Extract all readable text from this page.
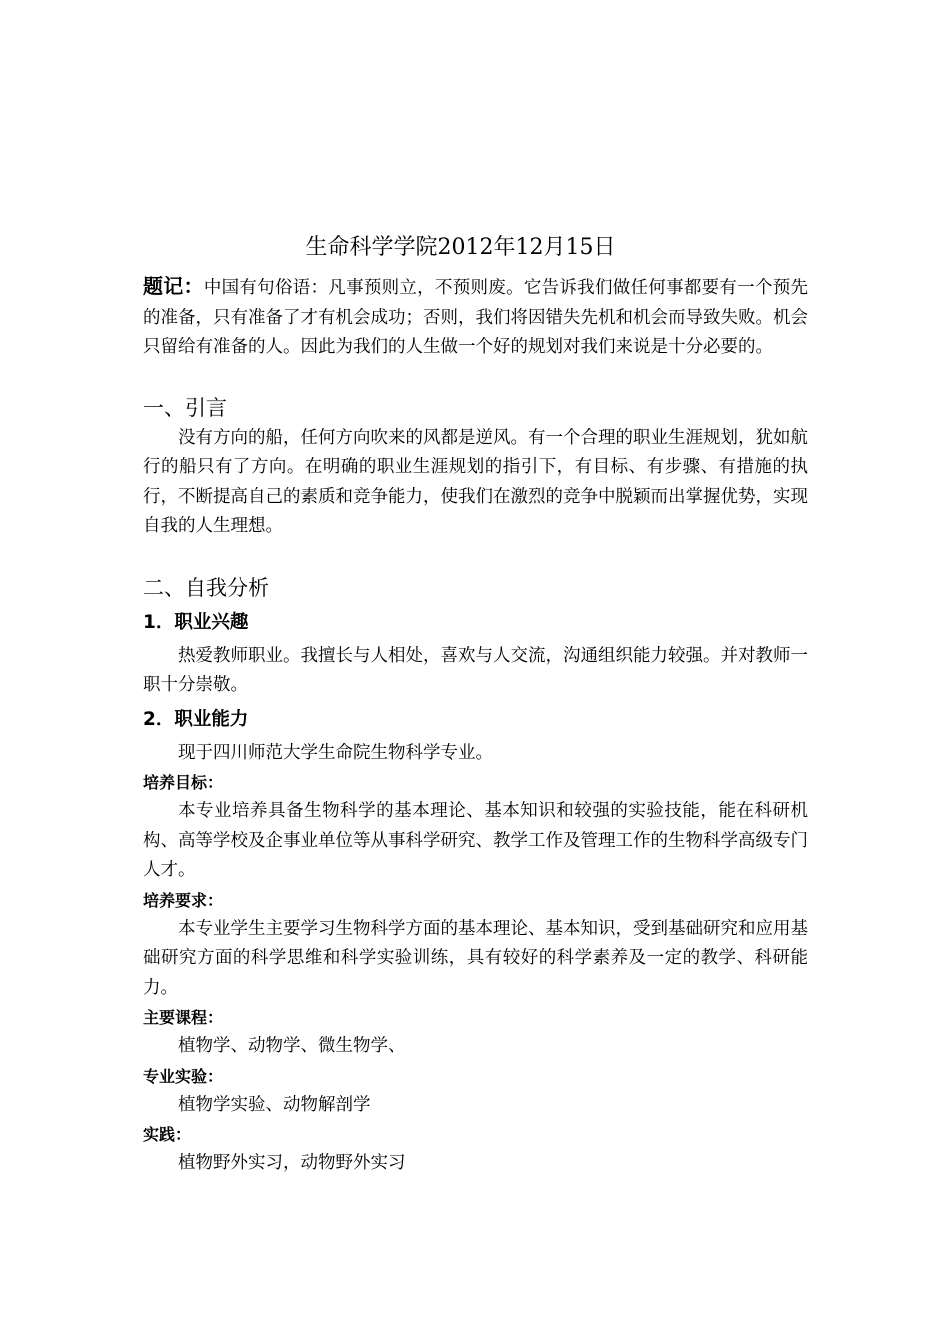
生命科学学院2012年12月15日

题记：中国有句俗语：凡事预则立，不预则废。它告诉我们做任何事都要有一个预先的准备，只有准备了才有机会成功；否则，我们将因错失先机和机会而导致失败。机会只留给有准备的人。因此为我们的人生做一个好的规划对我们来说是十分必要的。

一、引言

没有方向的船，任何方向吹来的风都是逆风。有一个合理的职业生涯规划，犹如航行的船只有了方向。在明确的职业生涯规划的指引下，有目标、有步骤、有措施的执行，不断提高自己的素质和竞争能力，使我们在激烈的竞争中脱颖而出掌握优势，实现自我的人生理想。

二、自我分析
1．职业兴趣

热爱教师职业。我擅长与人相处，喜欢与人交流，沟通组织能力较强。并对教师一职十分崇敬。

2．职业能力

现于四川师范大学生命院生物科学专业。

培养目标：

本专业培养具备生物科学的基本理论、基本知识和较强的实验技能，能在科研机构、高等学校及企事业单位等从事科学研究、教学工作及管理工作的生物科学高级专门人才。

培养要求：

本专业学生主要学习生物科学方面的基本理论、基本知识，受到基础研究和应用基础研究方面的科学思维和科学实验训练，具有较好的科学素养及一定的教学、科研能力。

主要课程：

植物学、动物学、微生物学、

专业实验：

植物学实验、动物解剖学

实践：

植物野外实习，动物野外实习
